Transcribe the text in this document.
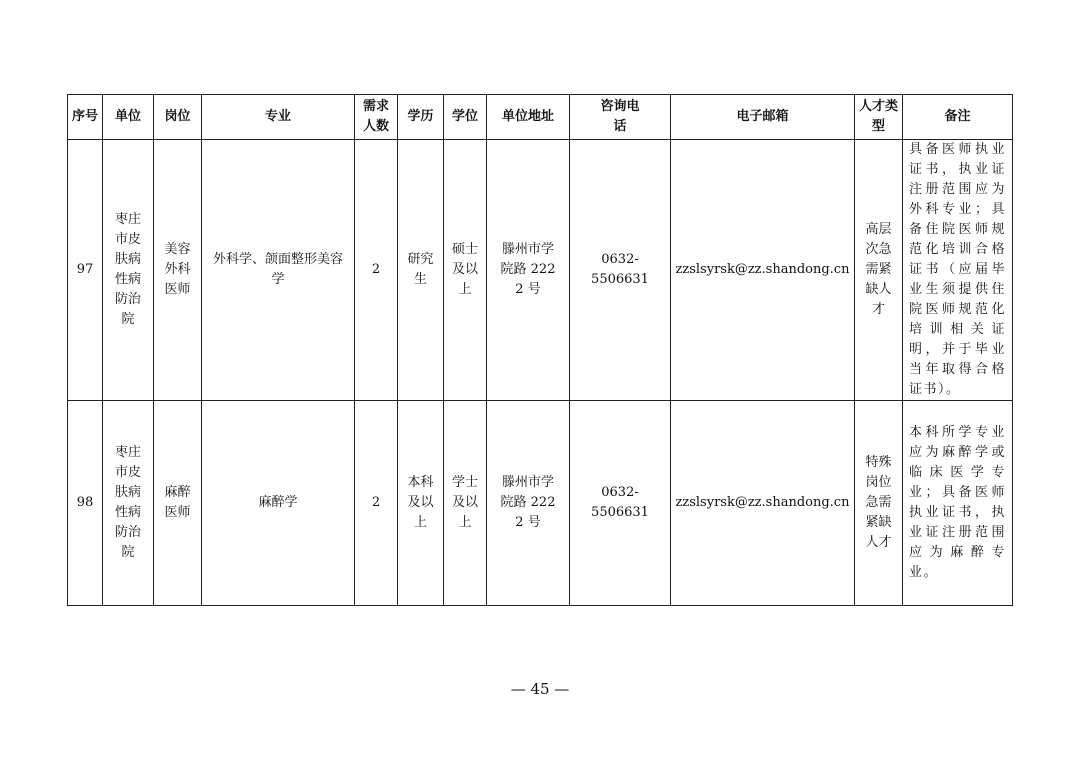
序号	单位	岗位	专业	需求人数	学历	学位	单位地址	咨询电话	电子邮箱	人才类型	备注
97	枣庄市皮肤病性病防治院	美容外科医师	外科学、颌面整形美容学	2	研究生	硕士及以上	滕州市学院路 2222 号	0632-5506631	zzslsyrsk@zz.shandong.cn	高层次急需紧缺人才	具备医师执业证书，执业证注册范围应为外科专业；具备住院医师规范化培训合格证书（应届毕业生须提供住院医师规范化培训相关证明，并于毕业当年取得合格证书）。
98	枣庄市皮肤病性病防治院	麻醉医师	麻醉学	2	本科及以上	学士及以上	滕州市学院路 2222 号	0632-5506631	zzslsyrsk@zz.shandong.cn	特殊岗位急需紧缺人才	本科所学专业应为麻醉学或临床医学专业；具备医师执业证书，执业证注册范围应为麻醉专业。
— 45 —
